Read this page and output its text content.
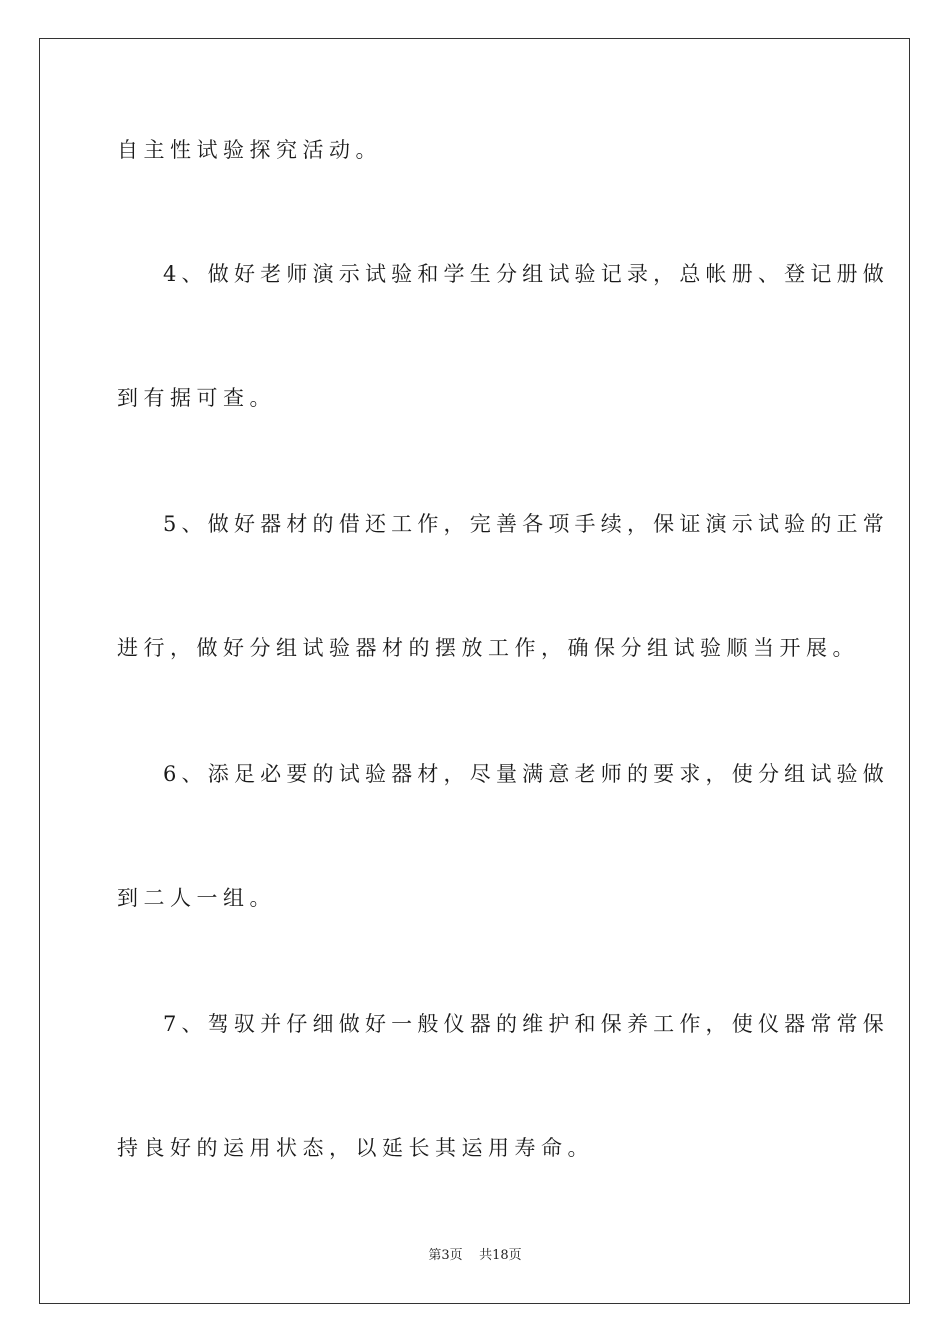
自主性试验探究活动。
4、做好老师演示试验和学生分组试验记录，总帐册、登记册做
到有据可查。
5、做好器材的借还工作，完善各项手续，保证演示试验的正常
进行，做好分组试验器材的摆放工作，确保分组试验顺当开展。
6、添足必要的试验器材，尽量满意老师的要求，使分组试验做
到二人一组。
7、驾驭并仔细做好一般仪器的维护和保养工作，使仪器常常保
持良好的运用状态，以延长其运用寿命。
第3页 共18页
